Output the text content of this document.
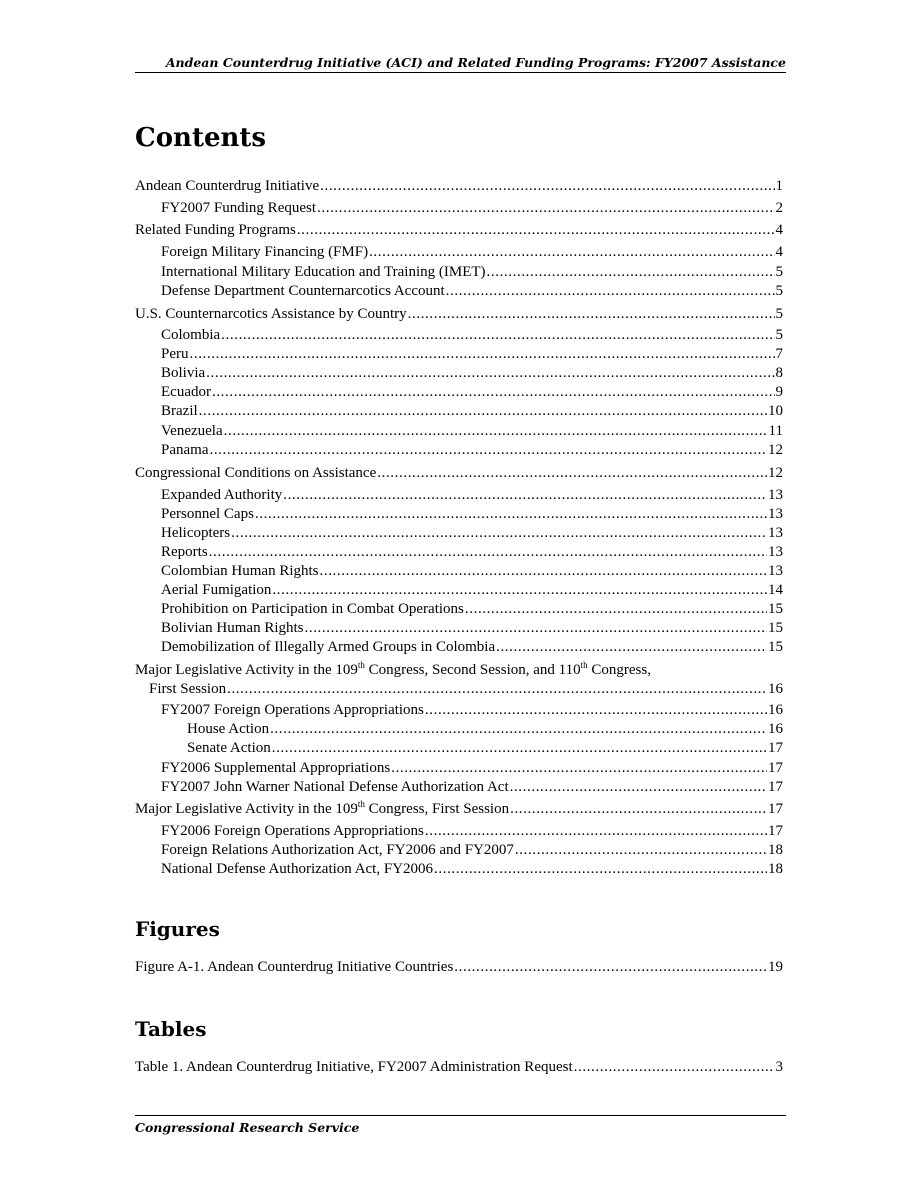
Andean Counterdrug Initiative (ACI) and Related Funding Programs: FY2007 Assistance
Contents
Andean Counterdrug Initiative .....	1
FY2007 Funding Request .....	2
Related Funding Programs .....	4
Foreign Military Financing (FMF) .....	4
International Military Education and Training (IMET) .....	5
Defense Department Counternarcotics Account .....	5
U.S. Counternarcotics Assistance by Country .....	5
Colombia .....	5
Peru .....	7
Bolivia .....	8
Ecuador .....	9
Brazil .....	10
Venezuela .....	11
Panama .....	12
Congressional Conditions on Assistance .....	12
Expanded Authority .....	13
Personnel Caps .....	13
Helicopters .....	13
Reports .....	13
Colombian Human Rights .....	13
Aerial Fumigation .....	14
Prohibition on Participation in Combat Operations .....	15
Bolivian Human Rights .....	15
Demobilization of Illegally Armed Groups in Colombia .....	15
Major Legislative Activity in the 109th Congress, Second Session, and 110th Congress,
First Session .....	16
FY2007 Foreign Operations Appropriations .....	16
House Action .....	16
Senate Action .....	17
FY2006 Supplemental Appropriations .....	17
FY2007 John Warner National Defense Authorization Act .....	17
Major Legislative Activity in the 109th Congress, First Session .....	17
FY2006 Foreign Operations Appropriations .....	17
Foreign Relations Authorization Act, FY2006 and FY2007 .....	18
National Defense Authorization Act, FY2006 .....	18
Figures
Figure A-1. Andean Counterdrug Initiative Countries .....	19
Tables
Table 1. Andean Counterdrug Initiative, FY2007 Administration Request .....	3
Congressional Research Service
